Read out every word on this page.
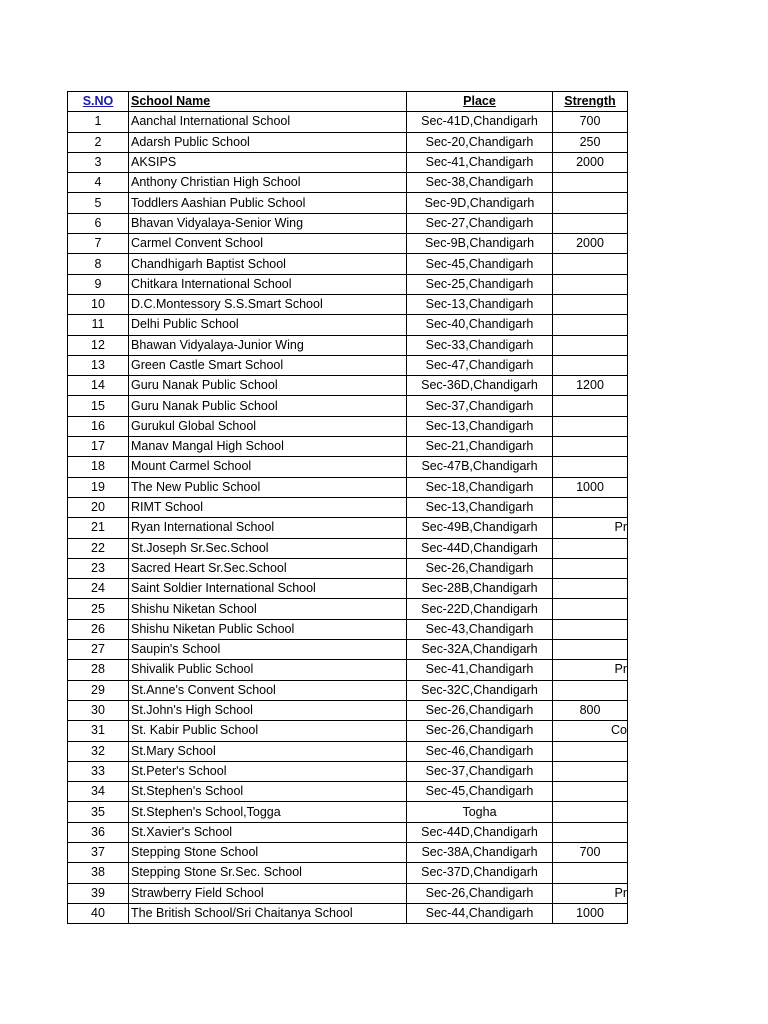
S.NO	School Name	Place	Strength
1	Aanchal International School	Sec-41D,Chandigarh	700
2	Adarsh Public School	Sec-20,Chandigarh	250
3	AKSIPS	Sec-41,Chandigarh	2000
4	Anthony Christian High School	Sec-38,Chandigarh	
5	Toddlers Aashian Public School	Sec-9D,Chandigarh	
6	Bhavan Vidyalaya-Senior Wing	Sec-27,Chandigarh	
7	Carmel Convent School	Sec-9B,Chandigarh	2000
8	Chandhigarh Baptist School	Sec-45,Chandigarh	
9	Chitkara International School	Sec-25,Chandigarh	
10	D.C.Montessory S.S.Smart School	Sec-13,Chandigarh	
11	Delhi Public School	Sec-40,Chandigarh	
12	Bhawan Vidyalaya-Junior Wing	Sec-33,Chandigarh	
13	Green Castle Smart School	Sec-47,Chandigarh	
14	Guru Nanak Public School	Sec-36D,Chandigarh	1200
15	Guru Nanak Public School	Sec-37,Chandigarh	
16	Gurukul Global School	Sec-13,Chandigarh	
17	Manav Mangal High School	Sec-21,Chandigarh	
18	Mount Carmel School	Sec-47B,Chandigarh	
19	The New Public School	Sec-18,Chandigarh	1000
20	RIMT School	Sec-13,Chandigarh	
21	Ryan International School	Sec-49B,Chandigarh	Pr

22	St.Joseph Sr.Sec.School	Sec-44D,Chandigarh	
23	Sacred Heart Sr.Sec.School	Sec-26,Chandigarh	
24	Saint Soldier International School	Sec-28B,Chandigarh	
25	Shishu Niketan School	Sec-22D,Chandigarh	
26	Shishu Niketan Public School	Sec-43,Chandigarh	
27	Saupin's School	Sec-32A,Chandigarh	
28	Shivalik Public School	Sec-41,Chandigarh	Pr

29	St.Anne's Convent School	Sec-32C,Chandigarh	
30	St.John's High School	Sec-26,Chandigarh	800
31	St. Kabir Public School	Sec-26,Chandigarh	Co

32	St.Mary School	Sec-46,Chandigarh	
33	St.Peter's School	Sec-37,Chandigarh	
34	St.Stephen's School	Sec-45,Chandigarh	
35	St.Stephen's School,Togga	Togha	
36	St.Xavier's School	Sec-44D,Chandigarh	
37	Stepping Stone School	Sec-38A,Chandigarh	700
38	Stepping Stone Sr.Sec. School	Sec-37D,Chandigarh	
39	Strawberry Field School	Sec-26,Chandigarh	Pr

40	The British School/Sri Chaitanya School	Sec-44,Chandigarh	1000
